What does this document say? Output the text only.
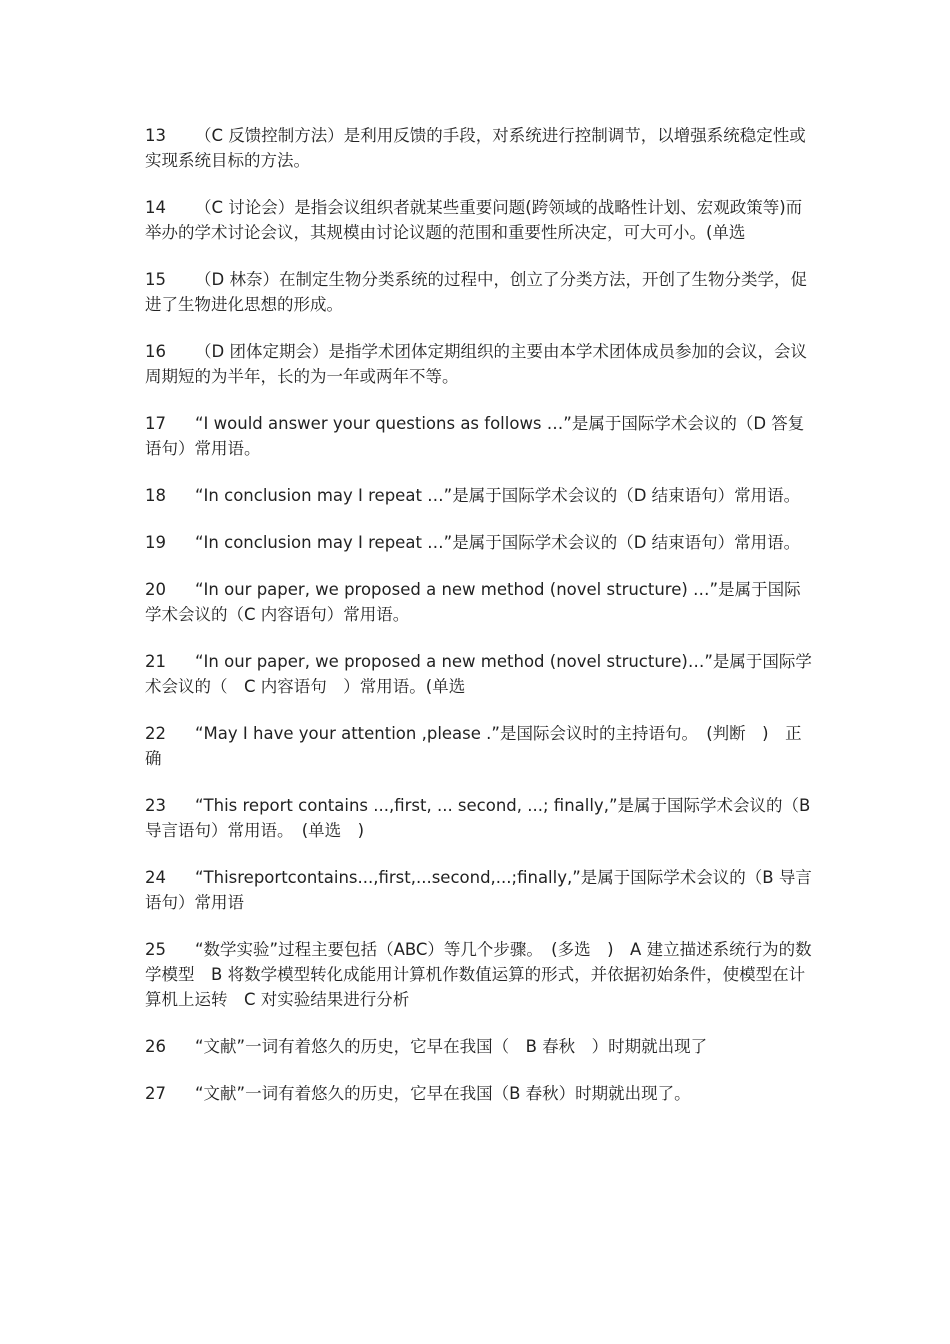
13 （C 反馈控制方法）是利用反馈的手段，对系统进行控制调节，以增强系统稳定性或实现系统目标的方法。
14 （C 讨论会）是指会议组织者就某些重要问题(跨领域的战略性计划、宏观政策等)而举办的学术讨论会议，其规模由讨论议题的范围和重要性所决定，可大可小。(单选
15 （D 林奈）在制定生物分类系统的过程中，创立了分类方法，开创了生物分类学，促进了生物进化思想的形成。
16 （D 团体定期会）是指学术团体定期组织的主要由本学术团体成员参加的会议，会议周期短的为半年，长的为一年或两年不等。
17 “I would answer your questions as follows …”是属于国际学术会议的（D 答复语句）常用语。
18 “In conclusion may I repeat …”是属于国际学术会议的（D 结束语句）常用语。
19 “In conclusion may I repeat …”是属于国际学术会议的（D 结束语句）常用语。
20 “In our paper, we proposed a new method (novel structure) …”是属于国际学术会议的（C 内容语句）常用语。
21 “In our paper, we proposed a new method (novel structure)…”是属于国际学术会议的（　C 内容语句　）常用语。(单选
22 “May I have your attention ,please .”是国际会议时的主持语句。　(判断　)　正确
23 “This report contains ...,first, ... second, ...; finally,”是属于国际学术会议的（B 导言语句）常用语。　(单选　)
24 “Thisreportcontains...,first,...second,...;finally,”是属于国际学术会议的（B 导言语句）常用语
25 “数学实验”过程主要包括（ABC）等几个步骤。　(多选　)　A 建立描述系统行为的数学模型　B 将数学模型转化成能用计算机作数值运算的形式，并依据初始条件，使模型在计算机上运转　C 对实验结果进行分析
26 “文献”一词有着悠久的历史，它早在我国（　B 春秋　）时期就出现了
27 “文献”一词有着悠久的历史，它早在我国（B 春秋）时期就出现了。
